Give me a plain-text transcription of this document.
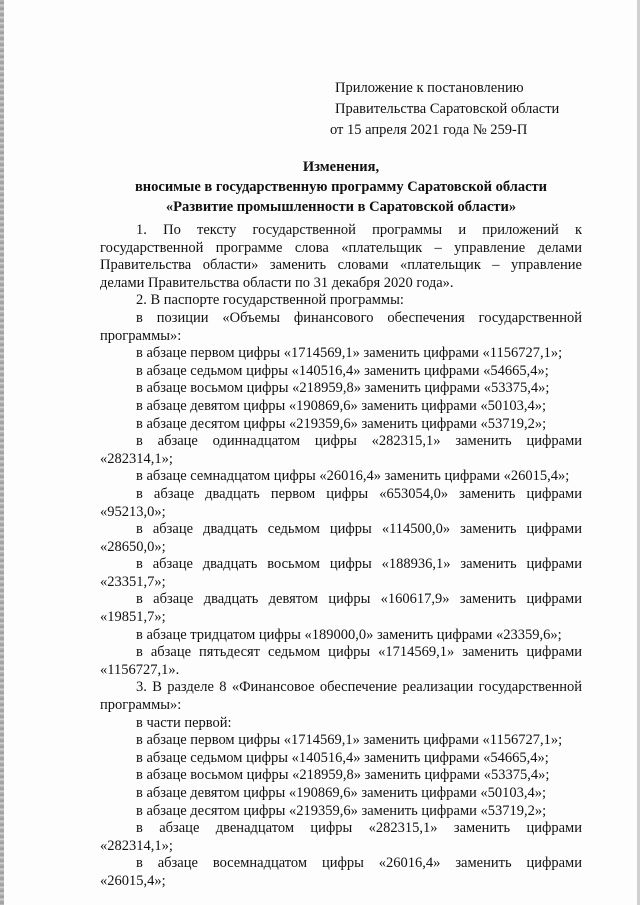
Приложение к постановлению
Правительства Саратовской области
от 15 апреля 2021 года № 259-П
Изменения,
вносимые в государственную программу Саратовской области
«Развитие промышленности в Саратовской области»

1. По тексту государственной программы и приложений к государственной программе слова «плательщик – управление делами Правительства области» заменить словами «плательщик – управление делами Правительства области по 31 декабря 2020 года».

2. В паспорте государственной программы:

в позиции «Объемы финансового обеспечения государственной программы»:

в абзаце первом цифры «1714569,1» заменить цифрами «1156727,1»;

в абзаце седьмом цифры «140516,4» заменить цифрами «54665,4»;

в абзаце восьмом цифры «218959,8» заменить цифрами «53375,4»;

в абзаце девятом цифры «190869,6» заменить цифрами «50103,4»;

в абзаце десятом цифры «219359,6» заменить цифрами «53719,2»;

в абзаце одиннадцатом цифры «282315,1» заменить цифрами «282314,1»;

в абзаце семнадцатом цифры «26016,4» заменить цифрами «26015,4»;

в абзаце двадцать первом цифры «653054,0» заменить цифрами «95213,0»;

в абзаце двадцать седьмом цифры «114500,0» заменить цифрами «28650,0»;

в абзаце двадцать восьмом цифры «188936,1» заменить цифрами «23351,7»;

в абзаце двадцать девятом цифры «160617,9» заменить цифрами «19851,7»;

в абзаце тридцатом цифры «189000,0» заменить цифрами «23359,6»;

в абзаце пятьдесят седьмом цифры «1714569,1» заменить цифрами «1156727,1».

3. В разделе 8 «Финансовое обеспечение реализации государственной программы»:

в части первой:

в абзаце первом цифры «1714569,1» заменить цифрами «1156727,1»;

в абзаце седьмом цифры «140516,4» заменить цифрами «54665,4»;

в абзаце восьмом цифры «218959,8» заменить цифрами «53375,4»;

в абзаце девятом цифры «190869,6» заменить цифрами «50103,4»;

в абзаце десятом цифры «219359,6» заменить цифрами «53719,2»;

в абзаце двенадцатом цифры «282315,1» заменить цифрами «282314,1»;

в абзаце восемнадцатом цифры «26016,4» заменить цифрами «26015,4»;
